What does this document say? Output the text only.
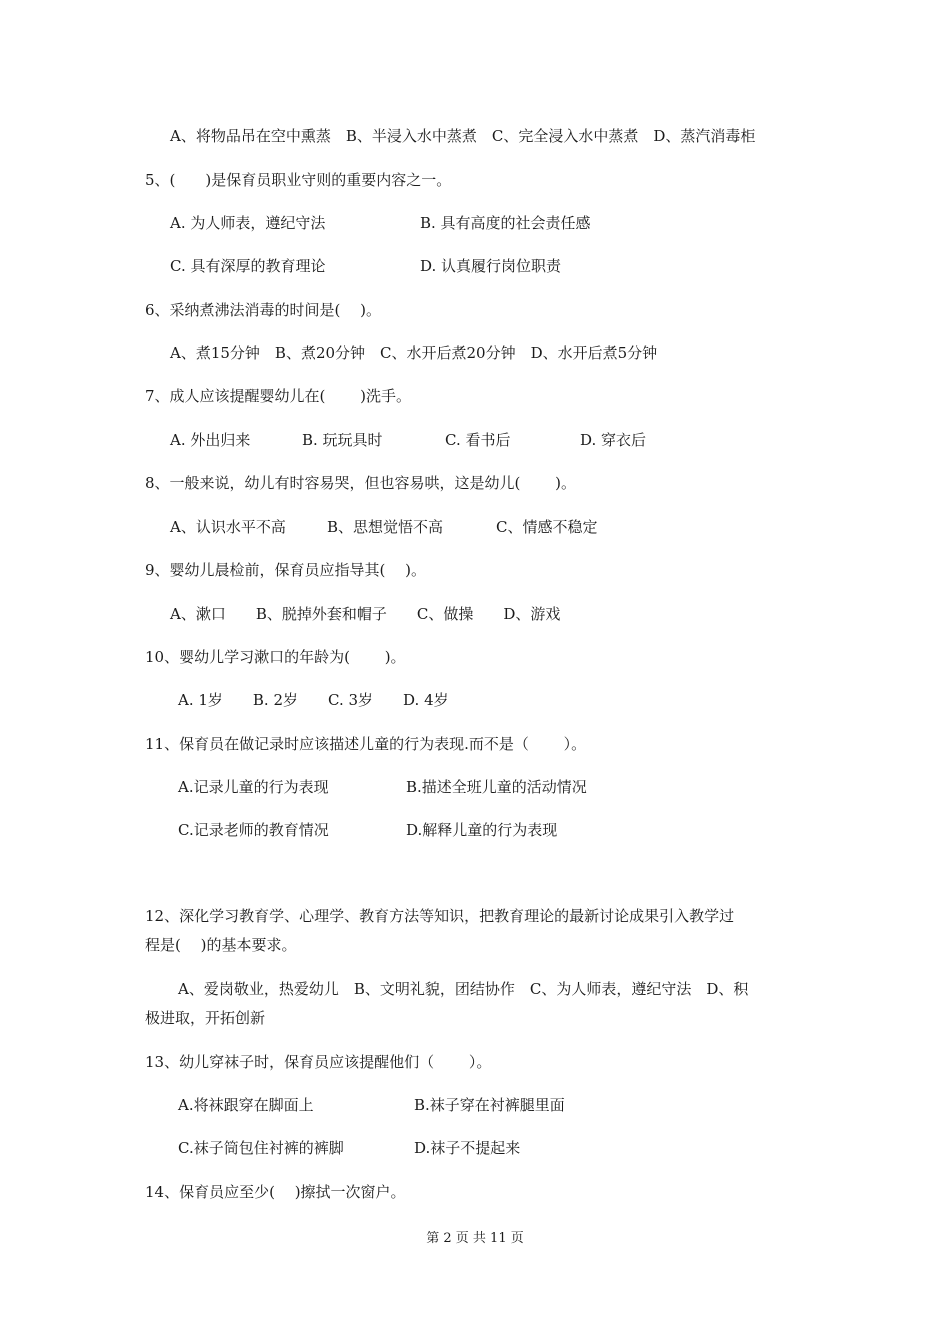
A、将物品吊在空中熏蒸　B、半浸入水中蒸煮　C、完全浸入水中蒸煮　D、蒸汽消毒柜
5、(　　)是保育员职业守则的重要内容之一。
A. 为人师表，遵纪守法	B. 具有高度的社会责任感
C. 具有深厚的教育理论	D. 认真履行岗位职责
6、采纳煮沸法消毒的时间是(　 )。
A、煮15分钟　B、煮20分钟　C、水开后煮20分钟　D、水开后煮5分钟
7、成人应该提醒婴幼儿在(　　 )洗手。
A. 外出归来	B. 玩玩具时	C. 看书后	D. 穿衣后
8、一般来说，幼儿有时容易哭，但也容易哄，这是幼儿(　　 )。
A、认识水平不高	B、思想觉悟不高	C、情感不稳定
9、婴幼儿晨检前，保育员应指导其(　 )。
A、漱口　　B、脱掉外套和帽子　　C、做操　　D、游戏
10、婴幼儿学习漱口的年龄为(　　 )。
A. 1岁　　B. 2岁　　C. 3岁　　D. 4岁
11、保育员在做记录时应该描述儿童的行为表现.而不是（　　 ）。
A.记录儿童的行为表现	B.描述全班儿童的活动情况
C.记录老师的教育情况	D.解释儿童的行为表现
12、深化学习教育学、心理学、教育方法等知识，把教育理论的最新讨论成果引入教学过
程是(　 )的基本要求。
A、爱岗敬业，热爱幼儿　B、文明礼貌，团结协作　C、为人师表，遵纪守法　D、积
极进取，开拓创新
13、幼儿穿袜子时，保育员应该提醒他们（　　 ）。
A.将袜跟穿在脚面上	B.袜子穿在衬裤腿里面
C.袜子筒包住衬裤的裤脚	D.袜子不提起来
14、保育员应至少(　 )擦拭一次窗户。
第 2 页 共 11 页
